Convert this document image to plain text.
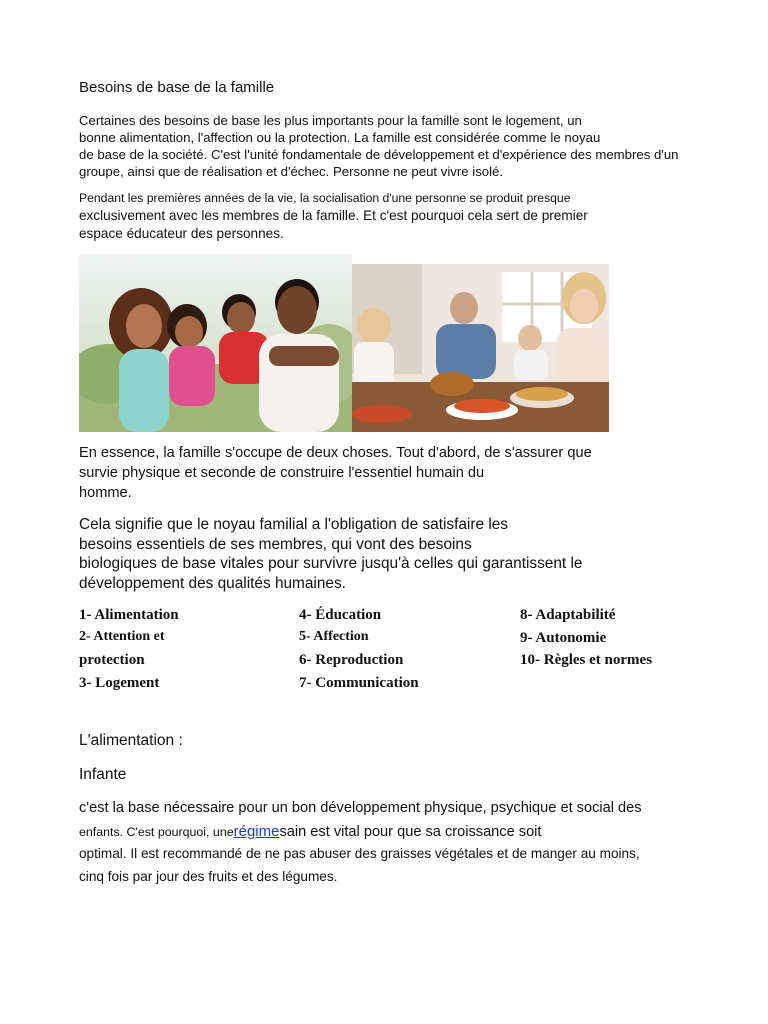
Besoins de base de la famille
Certaines des besoins de base les plus importants pour la famille sont le logement, un
bonne alimentation, l'affection ou la protection. La famille est considérée comme le noyau
de base de la société. C'est l'unité fondamentale de développement et d'expérience des membres d'un
groupe, ainsi que de réalisation et d'échec. Personne ne peut vivre isolé.
Pendant les premières années de la vie, la socialisation d'une personne se produit presque
exclusivement avec les membres de la famille. Et c'est pourquoi cela sert de premier
espace éducateur des personnes.
En essence, la famille s'occupe de deux choses. Tout d'abord, de s'assurer que
survie physique et seconde de construire l'essentiel humain du
homme.
Cela signifie que le noyau familial a l'obligation de satisfaire les
besoins essentiels de ses membres, qui vont des besoins
biologiques de base vitales pour survivre jusqu'à celles qui garantissent le
développement des qualités humaines.
1- Alimentation
2- Attention et
protection
3- Logement
4- Éducation
5- Affection
6- Reproduction
7- Communication
8- Adaptabilité
9- Autonomie
10- Règles et normes
L'alimentation :
Infante
c'est la base nécessaire pour un bon développement physique, psychique et social des
enfants. C'est pourquoi, unerégimesain est vital pour que sa croissance soit
optimal. Il est recommandé de ne pas abuser des graisses végétales et de manger au moins,
cinq fois par jour des fruits et des légumes.
